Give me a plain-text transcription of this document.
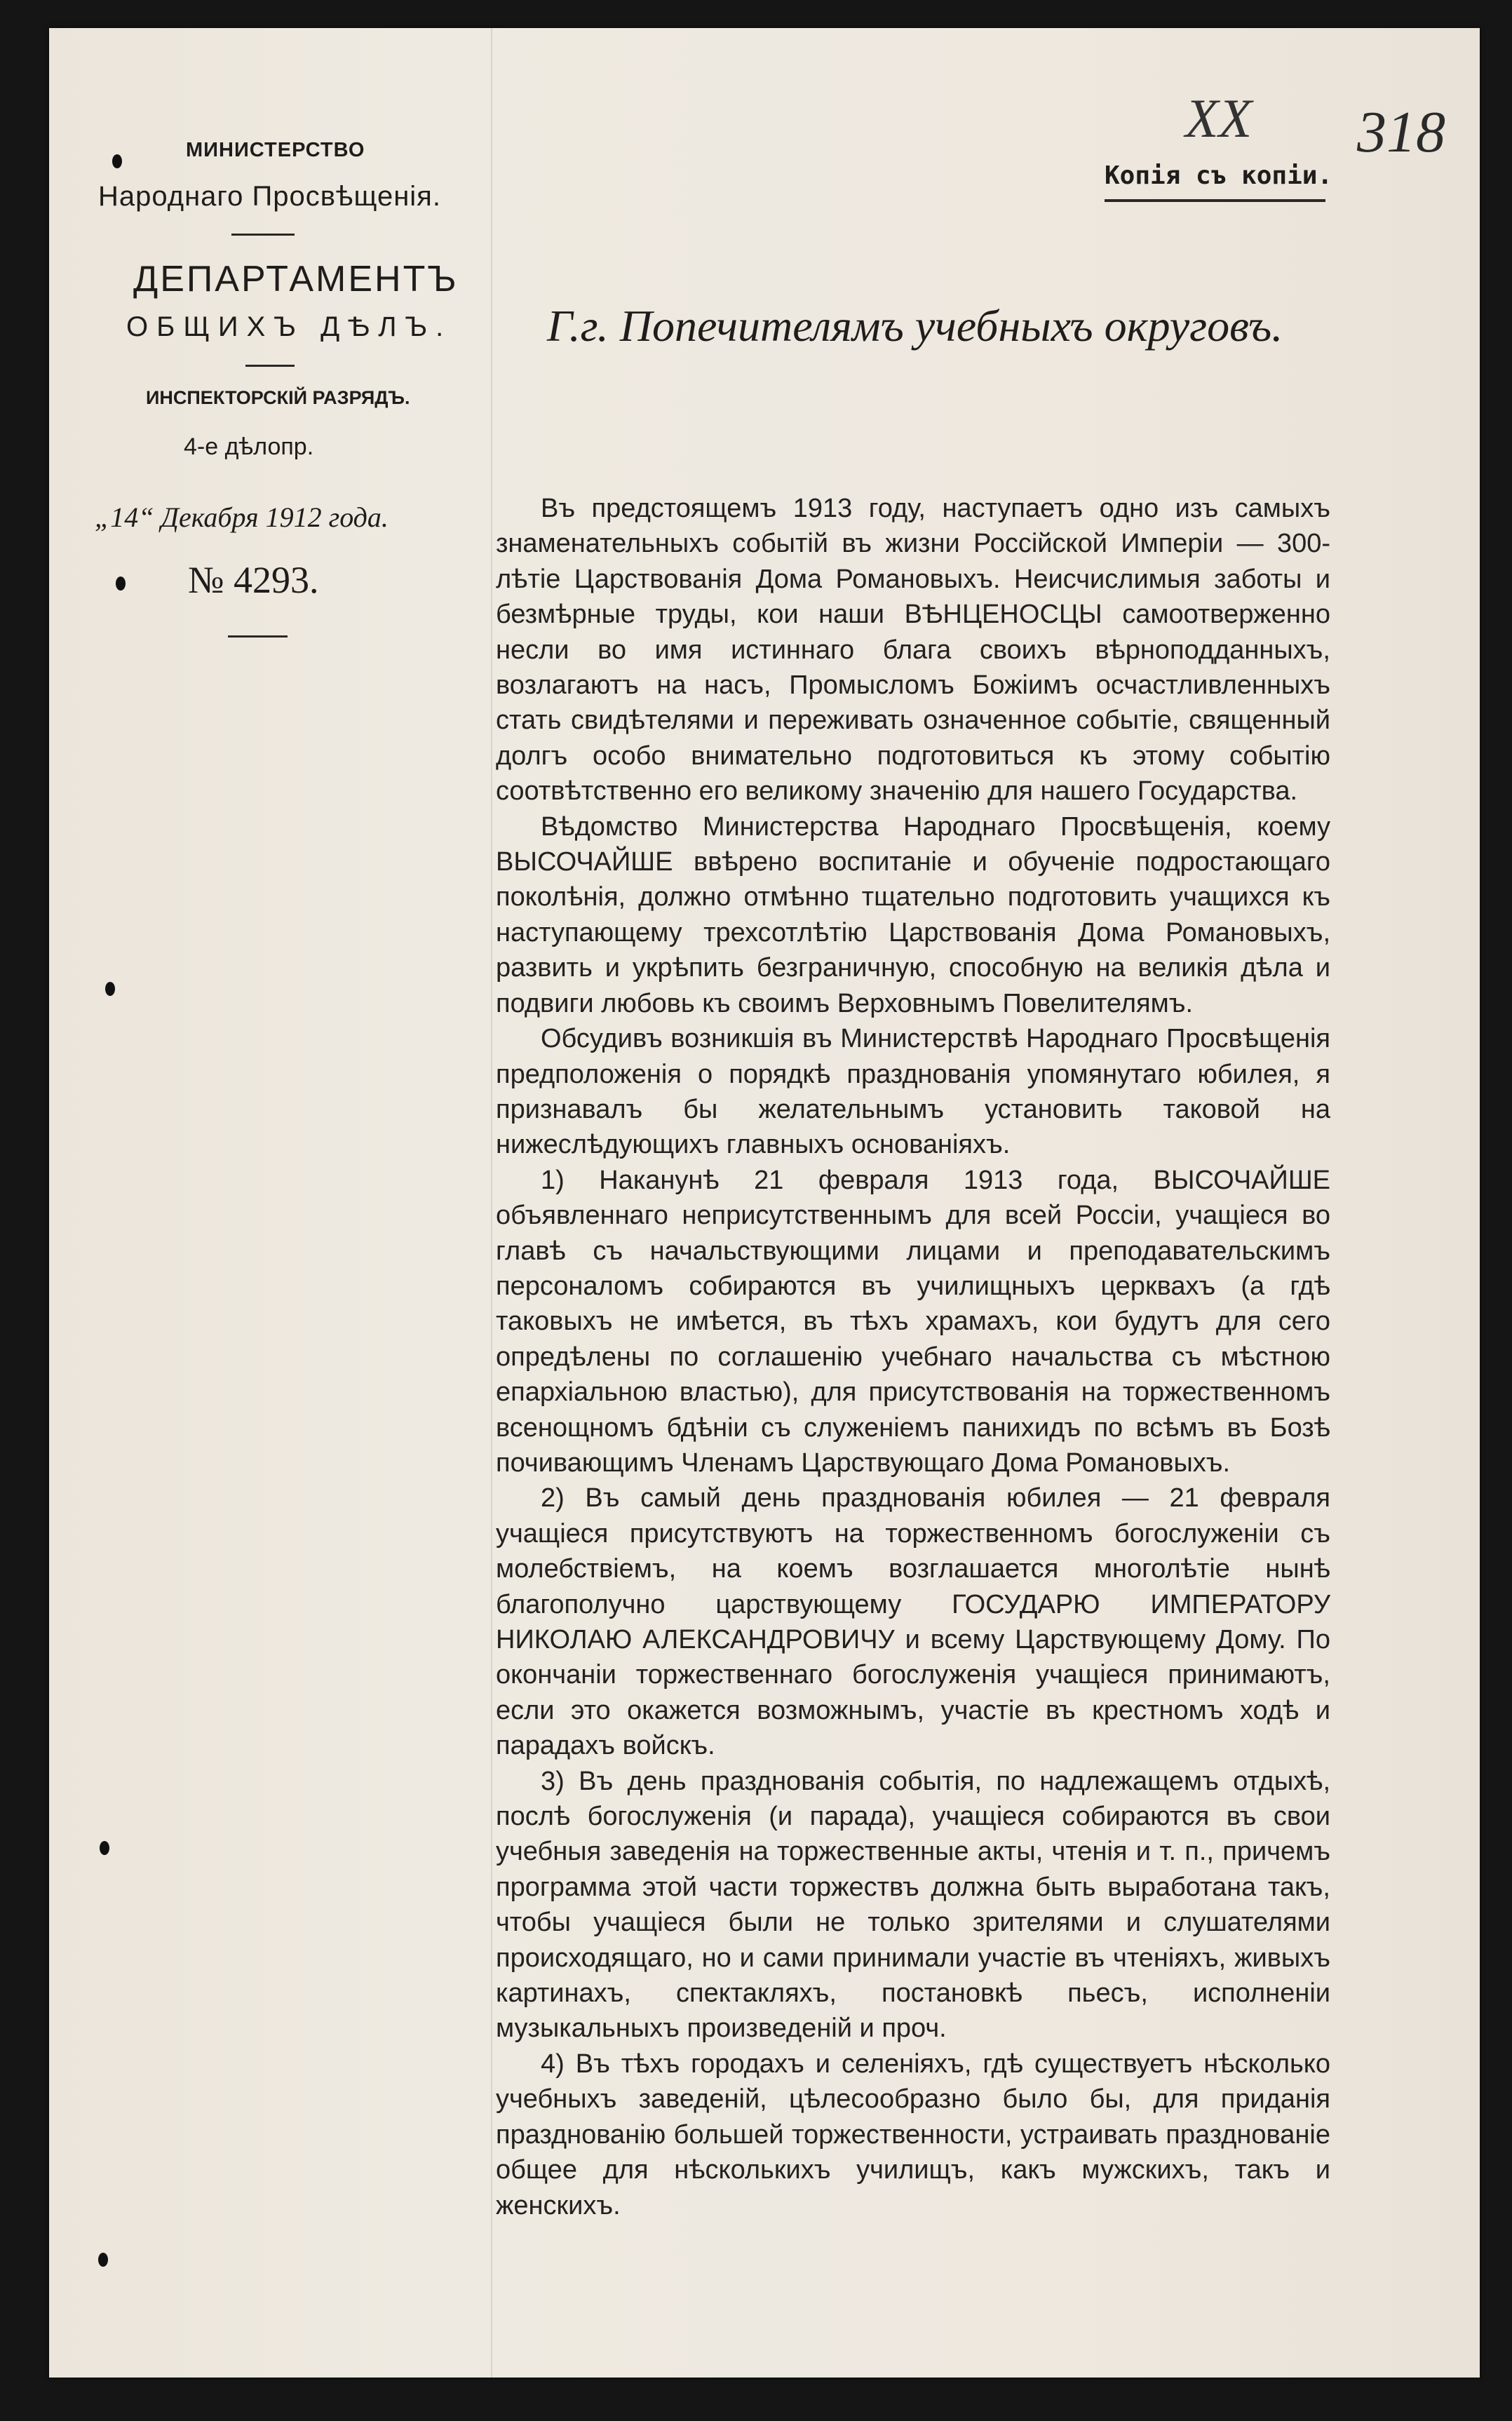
МИНИСТЕРСТВО
Народнаго Просвѣщенія.
ДЕПАРТАМЕНТЪ
ОБЩИХЪ ДѢЛЪ.
ИНСПЕКТОРСКІЙ РАЗРЯДЪ.
4-е дѣлопр.
„14“ Декабря 1912 года.
№ 4293.
Копія съ копіи.
XX 318
Г.г. Попечителямъ учебныхъ округовъ.

Въ предстоящемъ 1913 году, наступаетъ одно изъ самыхъ знаменательныхъ событій въ жизни Россійской Имперіи — 300-лѣтіе Царствованія Дома Романовыхъ. Неисчислимыя заботы и безмѣрные труды, кои наши ВѢНЦЕНОСЦЫ самоотверженно несли во имя истиннаго блага своихъ вѣрноподданныхъ, возлагаютъ на насъ, Промысломъ Божіимъ осчастливленныхъ стать свидѣтелями и переживать означенное событіе, священный долгъ особо внимательно подготовиться къ этому событію соотвѣтственно его великому значенію для нашего Государства.

Вѣдомство Министерства Народнаго Просвѣщенія, коему ВЫСОЧАЙШЕ ввѣрено воспитаніе и обученіе подростающаго поколѣнія, должно отмѣнно тщательно подготовить учащихся къ наступающему трехсотлѣтію Царствованія Дома Романовыхъ, развить и укрѣпить безграничную, способную на великія дѣла и подвиги любовь къ своимъ Верховнымъ Повелителямъ.

Обсудивъ возникшія въ Министерствѣ Народнаго Просвѣщенія предположенія о порядкѣ празднованія упомянутаго юбилея, я признавалъ бы желательнымъ установить таковой на нижеслѣдующихъ главныхъ основаніяхъ.

1) Наканунѣ 21 февраля 1913 года, ВЫСОЧАЙШЕ объявленнаго неприсутственнымъ для всей Россіи, учащіеся во главѣ съ начальствующими лицами и преподавательскимъ персоналомъ собираются въ училищныхъ церквахъ (а гдѣ таковыхъ не имѣется, въ тѣхъ храмахъ, кои будутъ для сего опредѣлены по соглашенію учебнаго начальства съ мѣстною епархіальною властью), для присутствованія на торжественномъ всенощномъ бдѣніи съ служеніемъ панихидъ по всѣмъ въ Бозѣ почивающимъ Членамъ Царствующаго Дома Романовыхъ.

2) Въ самый день празднованія юбилея — 21 февраля учащіеся присутствуютъ на торжественномъ богослуженіи съ молебствіемъ, на коемъ возглашается многолѣтіе нынѣ благополучно царствующему ГОСУДАРЮ ИМПЕРАТОРУ НИКОЛАЮ АЛЕКСАНДРОВИЧУ и всему Царствующему Дому. По окончаніи торжественнаго богослуженія учащіеся принимаютъ, если это окажется возможнымъ, участіе въ крестномъ ходѣ и парадахъ войскъ.

3) Въ день празднованія событія, по надлежащемъ отдыхѣ, послѣ богослуженія (и парада), учащіеся собираются въ свои учебныя заведенія на торжественные акты, чтенія и т. п., причемъ программа этой части торжествъ должна быть выработана такъ, чтобы учащіеся были не только зрителями и слушателями происходящаго, но и сами принимали участіе въ чтеніяхъ, живыхъ картинахъ, спектакляхъ, постановкѣ пьесъ, исполненіи музыкальныхъ произведеній и проч.

4) Въ тѣхъ городахъ и селеніяхъ, гдѣ существуетъ нѣсколько учебныхъ заведеній, цѣлесообразно было бы, для приданія празднованію большей торжественности, устраивать празднованіе общее для нѣсколькихъ училищъ, какъ мужскихъ, такъ и женскихъ.
